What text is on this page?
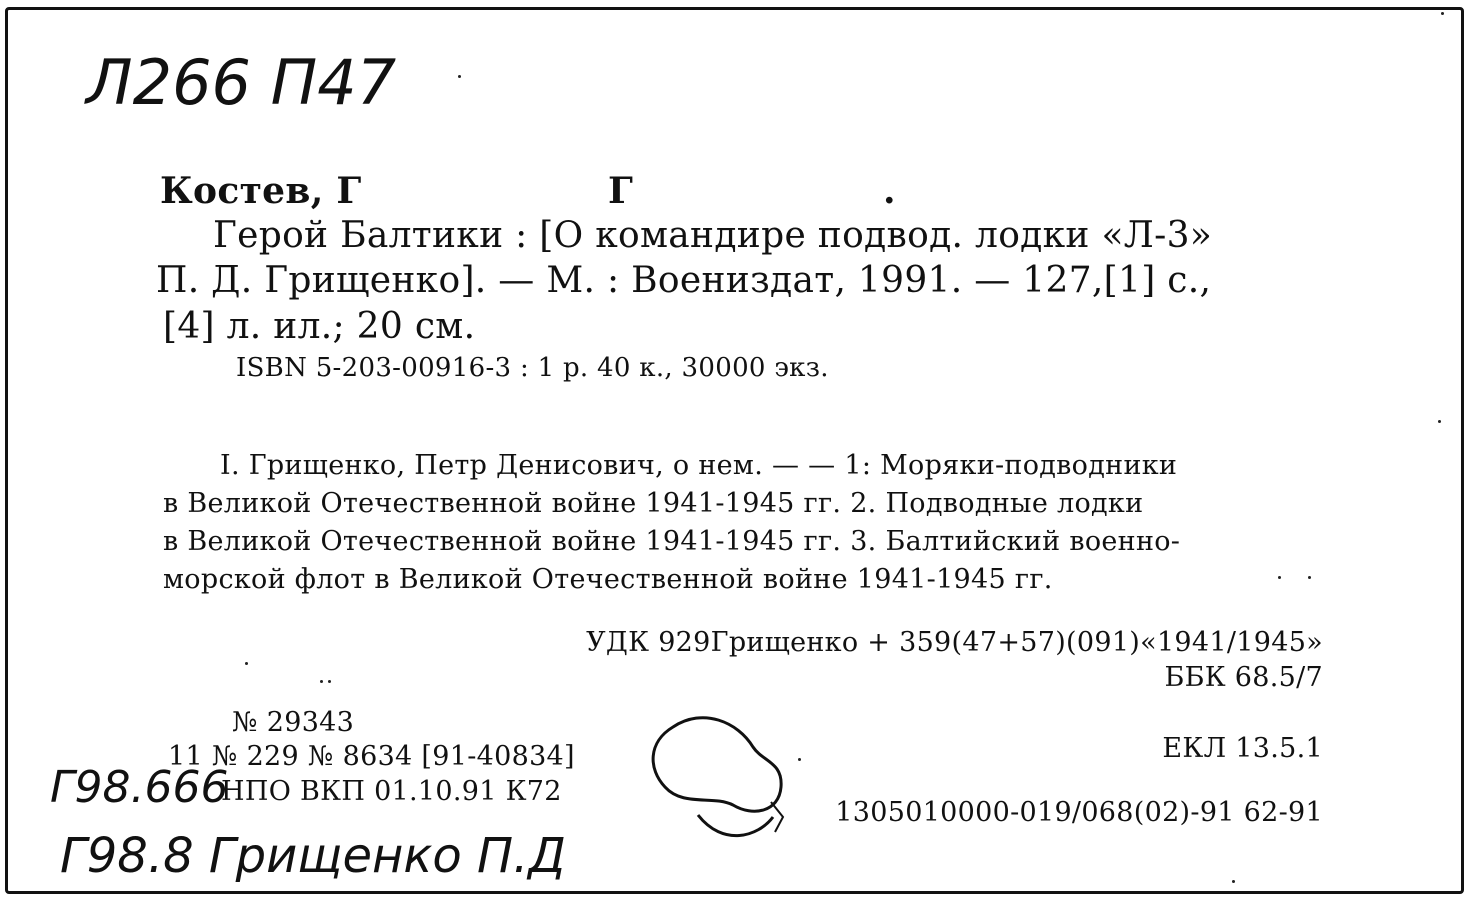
Л266 П47
Костев, Г	Г	.
Герой Балтики : [О командире подвод. лодки «Л-3»
П. Д. Грищенко]. — М. : Воениздат, 1991. — 127,[1] с.,
[4] л. ил.; 20 см.
ISBN 5-203-00916-3 : 1 р. 40 к., 30000 экз.
I. Грищенко, Петр Денисович, о нем. — — 1: Моряки-подводники
в Великой Отечественной войне 1941-1945 гг. 2. Подводные лодки
в Великой Отечественной войне 1941-1945 гг. 3. Балтийский военно-
морской флот в Великой Отечественной войне 1941-1945 гг.
УДК 929Грищенко + 359(47+57)(091)«1941/1945»
ББК 68.5/7
№ 29343
11 № 229 № 8634 [91-40834]
НПО ВКП 01.10.91 К72
ЕКЛ 13.5.1
1305010000-019/068(02)-91 62-91
Г98.666
Г98.8 Грищенко П.Д
